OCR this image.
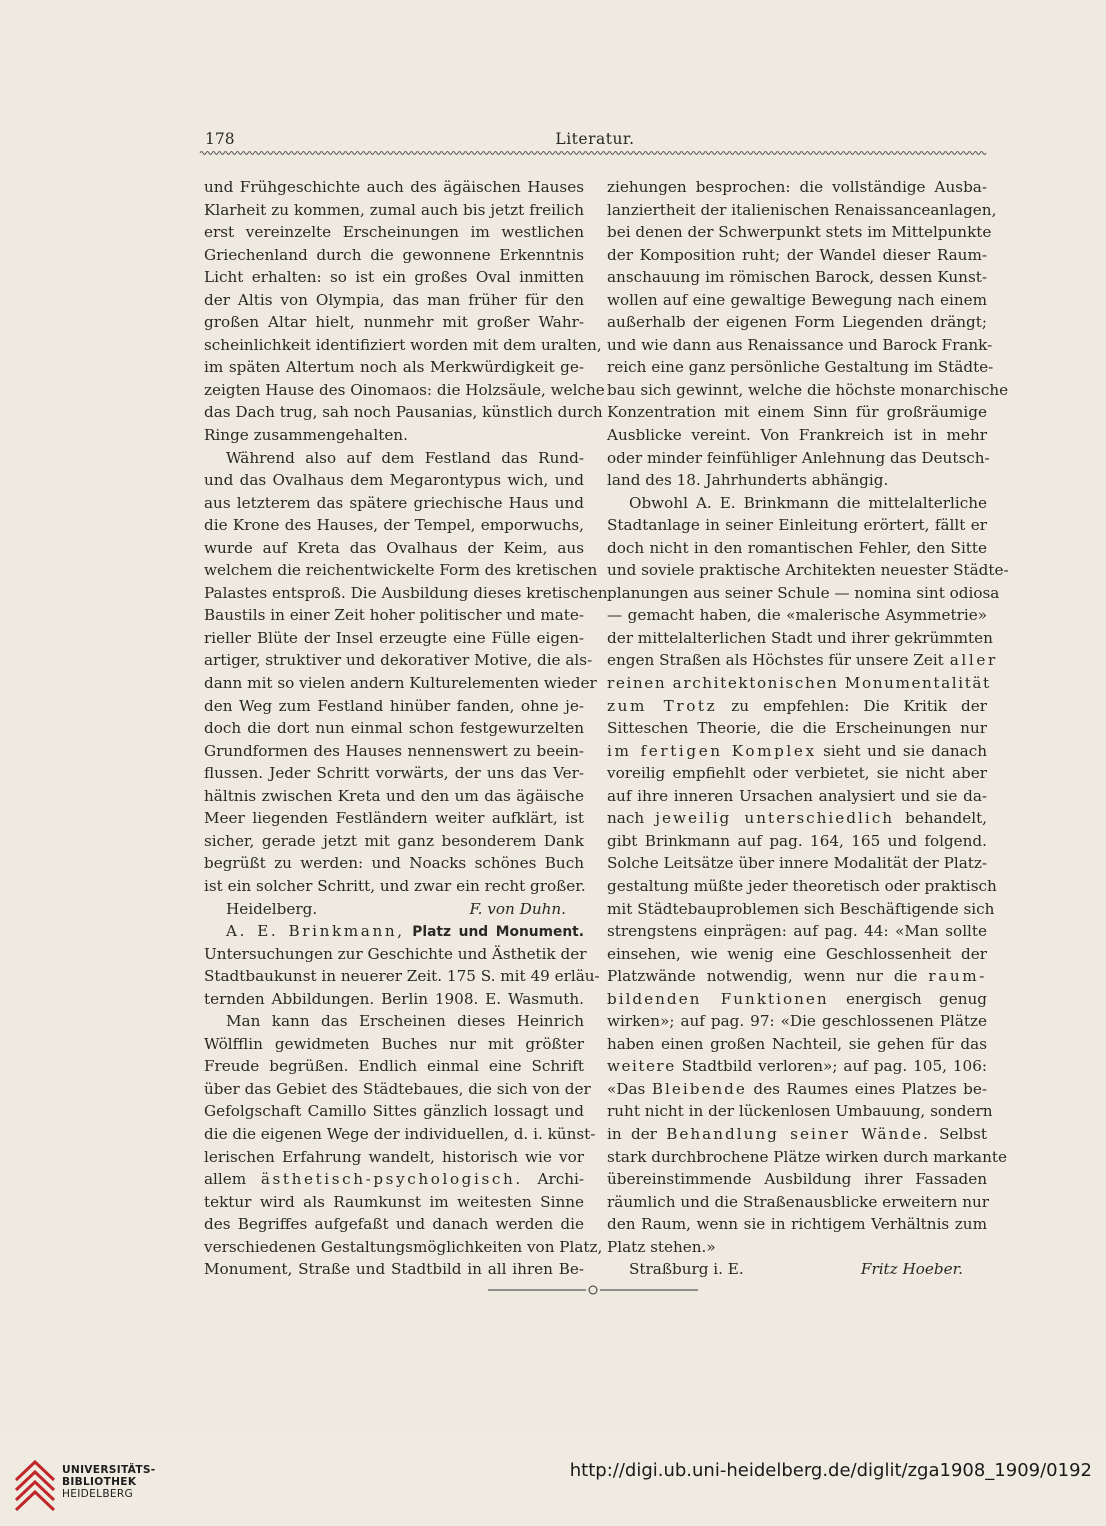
178	Literatur.
und Frühgeschichte auch des ägäischen Hauses
Klarheit zu kommen, zumal auch bis jetzt freilich
erst vereinzelte Erscheinungen im westlichen
Griechenland durch die gewonnene Erkenntnis
Licht erhalten: so ist ein großes Oval inmitten
der Altis von Olympia, das man früher für den
großen Altar hielt, nunmehr mit großer Wahr-
scheinlichkeit identifiziert worden mit dem uralten,
im späten Altertum noch als Merkwürdigkeit ge-
zeigten Hause des Oinomaos: die Holzsäule, welche
das Dach trug, sah noch Pausanias, künstlich durch
Ringe zusammengehalten.
Während also auf dem Festland das Rund-
und das Ovalhaus dem Megarontypus wich, und
aus letzterem das spätere griechische Haus und
die Krone des Hauses, der Tempel, emporwuchs,
wurde auf Kreta das Ovalhaus der Keim, aus
welchem die reichentwickelte Form des kretischen
Palastes entsproß. Die Ausbildung dieses kretischen
Baustils in einer Zeit hoher politischer und mate-
rieller Blüte der Insel erzeugte eine Fülle eigen-
artiger, struktiver und dekorativer Motive, die als-
dann mit so vielen andern Kulturelementen wieder
den Weg zum Festland hinüber fanden, ohne je-
doch die dort nun einmal schon festgewurzelten
Grundformen des Hauses nennenswert zu beein-
flussen. Jeder Schritt vorwärts, der uns das Ver-
hältnis zwischen Kreta und den um das ägäische
Meer liegenden Festländern weiter aufklärt, ist
sicher, gerade jetzt mit ganz besonderem Dank
begrüßt zu werden: und Noacks schönes Buch
ist ein solcher Schritt, und zwar ein recht großer.
Heidelberg.	F. von Duhn.
A. E. Brinkmann, Platz und Monument.
Untersuchungen zur Geschichte und Ästhetik der
Stadtbaukunst in neuerer Zeit. 175 S. mit 49 erläu-
ternden Abbildungen. Berlin 1908. E. Wasmuth.
Man kann das Erscheinen dieses Heinrich
Wölfflin gewidmeten Buches nur mit größter
Freude begrüßen. Endlich einmal eine Schrift
über das Gebiet des Städtebaues, die sich von der
Gefolgschaft Camillo Sittes gänzlich lossagt und
die die eigenen Wege der individuellen, d. i. künst-
lerischen Erfahrung wandelt, historisch wie vor
allem ästhetisch-psychologisch. Archi-
tektur wird als Raumkunst im weitesten Sinne
des Begriffes aufgefaßt und danach werden die
verschiedenen Gestaltungsmöglichkeiten von Platz,
Monument, Straße und Stadtbild in all ihren Be-
ziehungen besprochen: die vollständige Ausba-
lanziertheit der italienischen Renaissanceanlagen,
bei denen der Schwerpunkt stets im Mittelpunkte
der Komposition ruht; der Wandel dieser Raum-
anschauung im römischen Barock, dessen Kunst-
wollen auf eine gewaltige Bewegung nach einem
außerhalb der eigenen Form Liegenden drängt;
und wie dann aus Renaissance und Barock Frank-
reich eine ganz persönliche Gestaltung im Städte-
bau sich gewinnt, welche die höchste monarchische
Konzentration mit einem Sinn für großräumige
Ausblicke vereint. Von Frankreich ist in mehr
oder minder feinfühliger Anlehnung das Deutsch-
land des 18. Jahrhunderts abhängig.
Obwohl A. E. Brinkmann die mittelalterliche
Stadtanlage in seiner Einleitung erörtert, fällt er
doch nicht in den romantischen Fehler, den Sitte
und soviele praktische Architekten neuester Städte-
planungen aus seiner Schule — nomina sint odiosa
— gemacht haben, die «malerische Asymmetrie»
der mittelalterlichen Stadt und ihrer gekrümmten
engen Straßen als Höchstes für unsere Zeit aller
reinen architektonischen Monumentalität
zum Trotz zu empfehlen: Die Kritik der
Sitteschen Theorie, die die Erscheinungen nur
im fertigen Komplex sieht und sie danach
voreilig empfiehlt oder verbietet, sie nicht aber
auf ihre inneren Ursachen analysiert und sie da-
nach jeweilig unterschiedlich behandelt,
gibt Brinkmann auf pag. 164, 165 und folgend.
Solche Leitsätze über innere Modalität der Platz-
gestaltung müßte jeder theoretisch oder praktisch
mit Städtebauproblemen sich Beschäftigende sich
strengstens einprägen: auf pag. 44: «Man sollte
einsehen, wie wenig eine Geschlossenheit der
Platzwände notwendig, wenn nur die raum-
bildenden Funktionen energisch genug
wirken»; auf pag. 97: «Die geschlossenen Plätze
haben einen großen Nachteil, sie gehen für das
weitere Stadtbild verloren»; auf pag. 105, 106:
«Das Bleibende des Raumes eines Platzes be-
ruht nicht in der lückenlosen Umbauung, sondern
in der Behandlung seiner Wände. Selbst
stark durchbrochene Plätze wirken durch markante
übereinstimmende Ausbildung ihrer Fassaden
räumlich und die Straßenausblicke erweitern nur
den Raum, wenn sie in richtigem Verhältnis zum
Platz stehen.»
Straßburg i. E.	Fritz Hoeber.
UNIVERSITÄTS-
BIBLIOTHEK
HEIDELBERG
http://digi.ub.uni-heidelberg.de/diglit/zga1908_1909/0192
